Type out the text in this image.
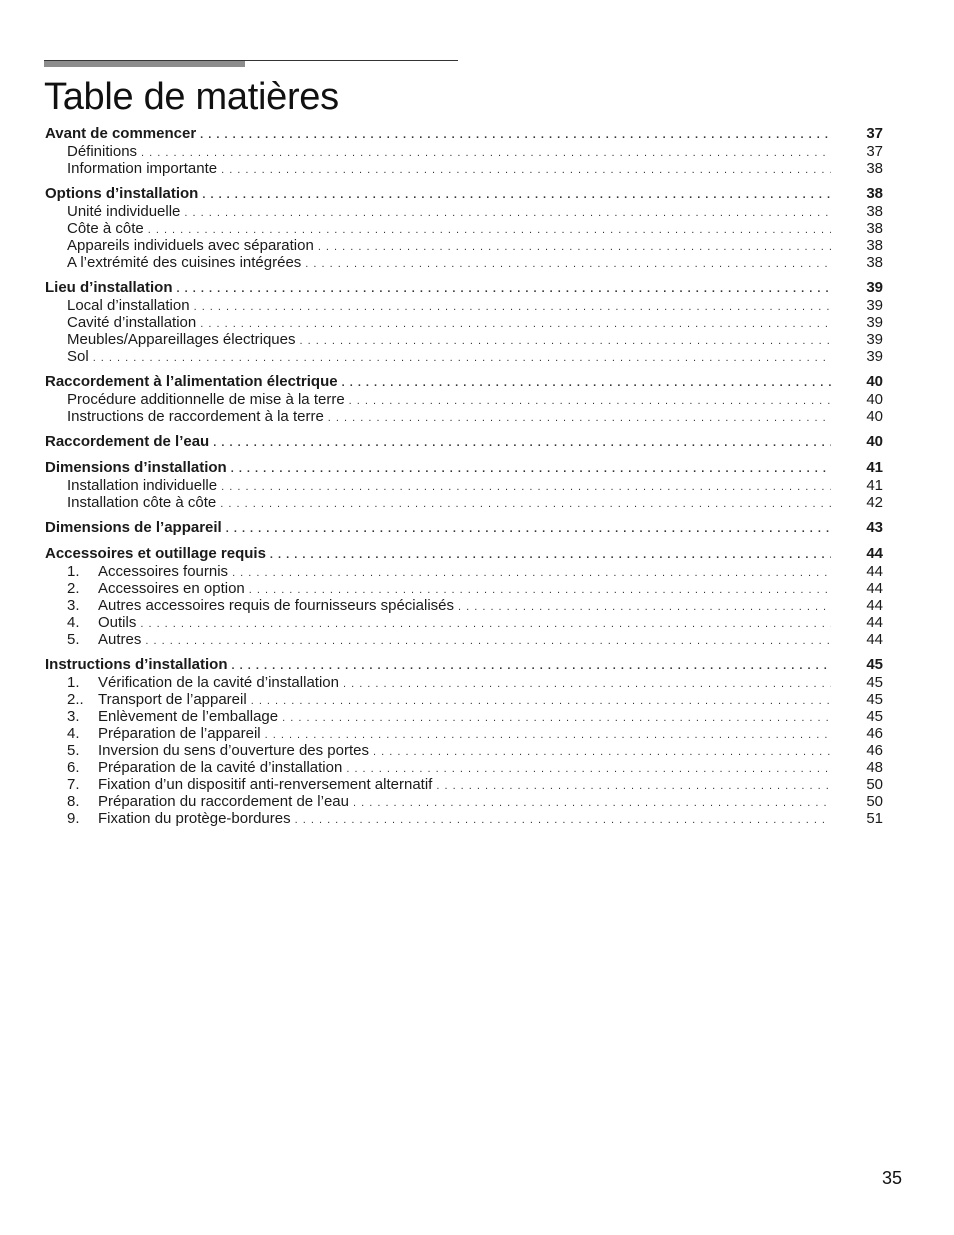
Table de matières
Avant de commencer . . .	37
Définitions . . .	37
Information importante . . .	38
Options d’installation . . .	38
Unité individuelle . . .	38
Côte à côte . . .	38
Appareils individuels avec séparation . . .	38
A l’extrémité des cuisines intégrées . . .	38
Lieu d’installation . . .	39
Local d’installation . . .	39
Cavité d’installation . . .	39
Meubles/Appareillages électriques . . .	39
Sol . . .	39
Raccordement à l’alimentation électrique . . .	40
Procédure additionnelle de mise à la terre . . .	40
Instructions de raccordement à la terre . . .	40
Raccordement de l’eau . . .	40
Dimensions d’installation . . .	41
Installation individuelle . . .	41
Installation côte à côte . . .	42
Dimensions de l’appareil . . .	43
Accessoires et outillage requis . . .	44
1.	Accessoires fournis . . .	44
2.	Accessoires en option . . .	44
3.	Autres accessoires requis de fournisseurs spécialisés . . .	44
4.	Outils . . .	44
5.	Autres . . .	44
Instructions d’installation . . .	45
1.	Vérification de la cavité d’installation . . .	45
2.. Transport de l’appareil . . .	45
3.	Enlèvement de l’emballage . . .	45
4.	Préparation de l’appareil . . .	46
5.	Inversion du sens d’ouverture des portes . . .	46
6.	Préparation de la cavité d’installation . . .	48
7.	Fixation d’un dispositif anti-renversement alternatif . . .	50
8.	Préparation du raccordement de l’eau . . .	50
9.	Fixation du protège-bordures . . .	51
35
